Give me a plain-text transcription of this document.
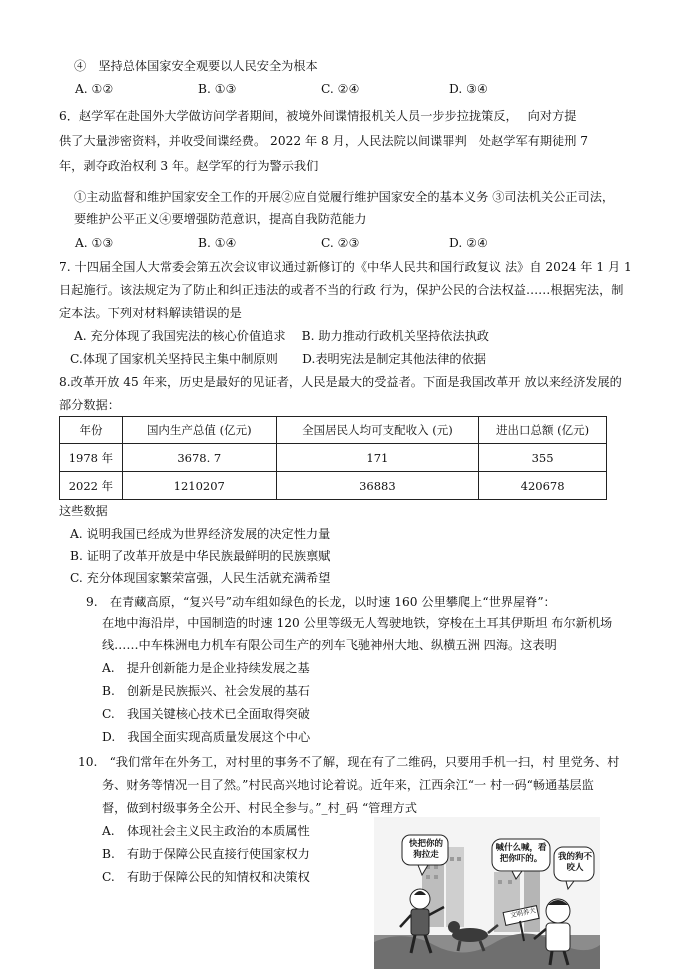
④　坚持总体国家安全观要以人民安全为根本
A. ①②	B. ①③	C. ②④	D. ③④
6．赵学军在赴国外大学做访问学者期间，被境外间谍情报机关人员一步步拉拢策反，　 向对方提
供了大量涉密资料，并收受间谍经费。 2022 年 8 月，人民法院以间谍罪判　处赵学军有期徒刑 7
年，剥夺政治权利 3 年。赵学军的行为警示我们
①主动监督和维护国家安全工作的开展②应自觉履行维护国家安全的基本义务 ③司法机关公正司法，
要维护公平正义④要增强防范意识，提高自我防范能力
A. ①③	B. ①④	C. ②③	D. ②④
7. 十四届全国人大常委会第五次会议审议通过新修订的《中华人民共和国行政复议 法》自 2024 年 1 月 1
日起施行。该法规定为了防止和纠正违法的或者不当的行政 行为，保护公民的合法权益……根据宪法，制
定本法。下列对材料解读错误的是
A. 充分体现了我国宪法的核心价值追求　 B. 助力推动行政机关坚持依法执政
C.体现了国家机关坚持民主集中制原则　　D.表明宪法是制定其他法律的依据
8.改革开放 45 年来，历史是最好的见证者，人民是最大的受益者。下面是我国改革开 放以来经济发展的
部分数据：
年份	国内生产总值 (亿元)	全国居民人均可支配收入 (元)	进出口总额 (亿元)
1978 年	3678. 7	171	355
2022 年	1210207	36883	420678
这些数据
A. 说明我国已经成为世界经济发展的决定性力量
B. 证明了改革开放是中华民族最鲜明的民族禀赋
C. 充分体现国家繁荣富强，人民生活就充满希望
9.　在青藏高原，“复兴号”动车组如绿色的长龙，以时速 160 公里攀爬上“世界屋脊”：
在地中海沿岸，中国制造的时速 120 公里等级无人驾驶地铁，穿梭在土耳其伊斯坦 布尔新机场
线……中车株洲电力机车有限公司生产的列车飞驰神州大地、纵横五洲 四海。这表明
A.　提升创新能力是企业持续发展之基
B.　创新是民族振兴、社会发展的基石
C.　我国关键核心技术已全面取得突破
D.　我国全面实现高质量发展这个中心
10.　“我们常年在外务工，对村里的事务不了解，现在有了二维码，只要用手机一扫，村 里党务、村
务、财务等情况一目了然。”村民高兴地讨论着说。近年来，江西余江“一 村一码“畅通基层监
督，做到村级事务全公开、村民全参与。”_村_码 “管理方式
A.　体现社会主义民主政治的本质属性
B.　有助于保障公民直接行使国家权力
C.　有助于保障公民的知情权和决策权
快把你的狗拉走
喊什么喊，看把你吓的。	我的狗不咬人
文明养犬
